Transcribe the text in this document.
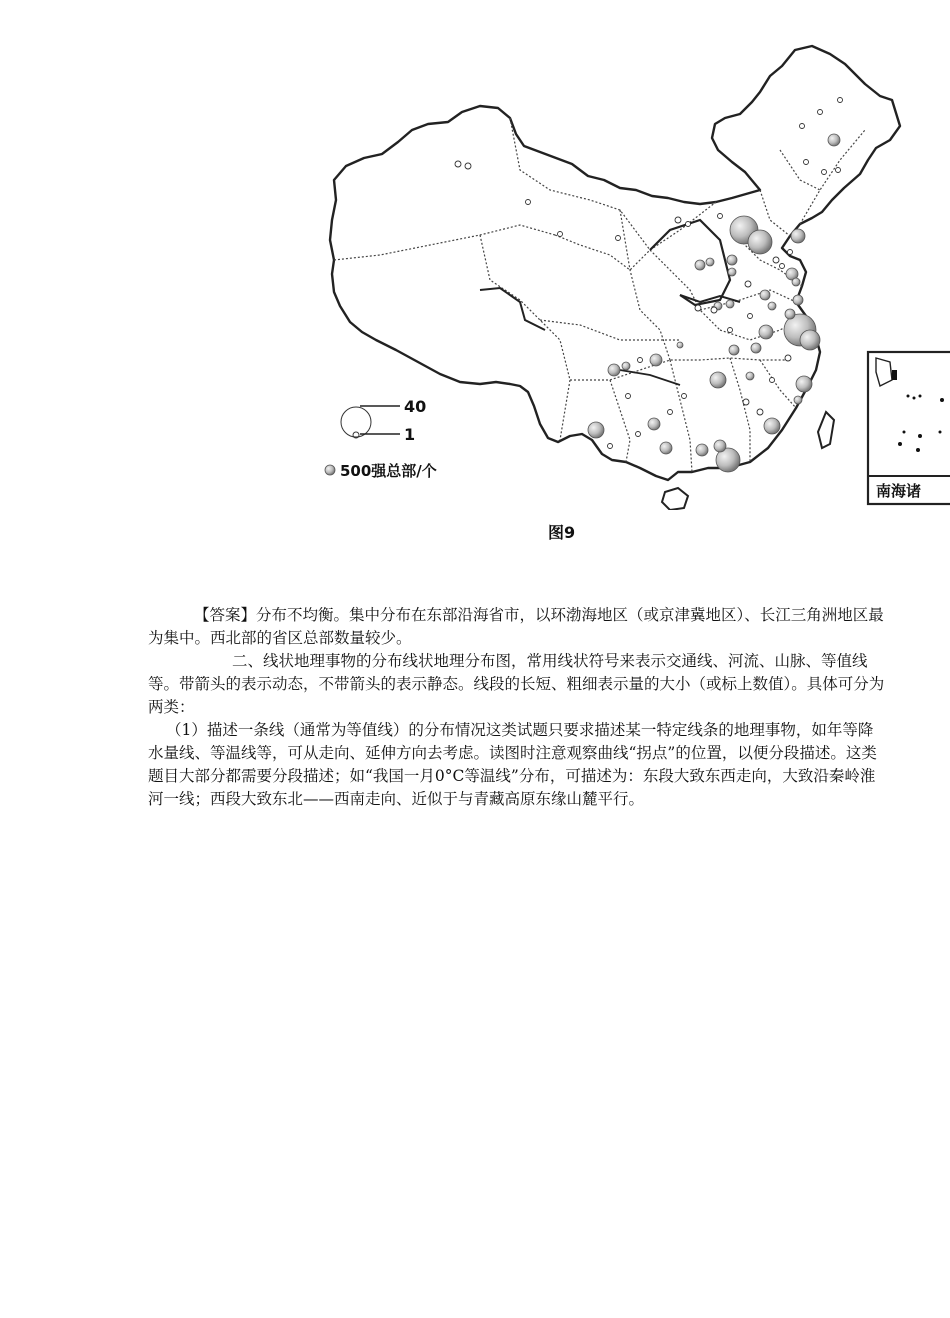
40
1
500强总部/个
南海诸
图9

【答案】分布不均衡。集中分布在东部沿海省市，以环渤海地区（或京津冀地区）、长江三角洲地区最为集中。西北部的省区总部数量较少。

二、线状地理事物的分布线状地理分布图，常用线状符号来表示交通线、河流、山脉、等值线等。带箭头的表示动态，不带箭头的表示静态。线段的长短、粗细表示量的大小（或标上数值）。具体可分为两类：

（1）描述一条线（通常为等值线）的分布情况这类试题只要求描述某一特定线条的地理事物，如年等降水量线、等温线等，可从走向、延伸方向去考虑。读图时注意观察曲线“拐点”的位置，以便分段描述。这类题目大部分都需要分段描述；如“我国一月0°C等温线”分布，可描述为：东段大致东西走向，大致沿秦岭淮河一线；西段大致东北——西南走向、近似于与青藏高原东缘山麓平行。
